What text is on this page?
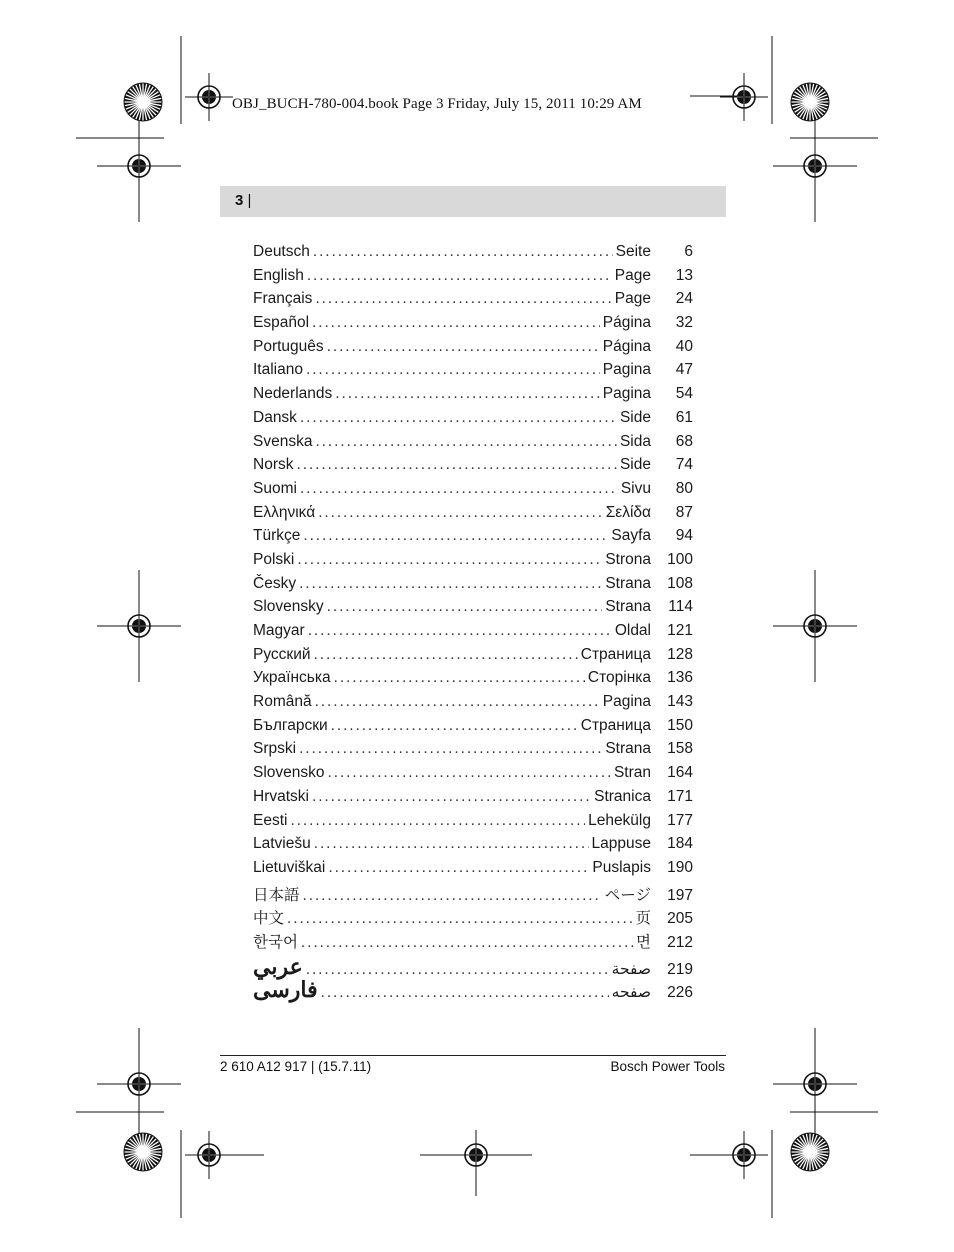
OBJ_BUCH-780-004.book Page 3 Friday, July 15, 2011 10:29 AM
3 |
Deutsch . . .	Seite	6
English . . .	Page	13
Français . . .	Page	24
Español . . .	Página	32
Português . . .	Página	40
Italiano . . .	Pagina	47
Nederlands . . .	Pagina	54
Dansk . . .	Side	61
Svenska . . .	Sida	68
Norsk . . .	Side	74
Suomi . . .	Sivu	80
Ελληνικά . . .	Σελίδα	87
Türkçe . . .	Sayfa	94
Polski . . .	Strona	100
Česky . . .	Strana	108
Slovensky . . .	Strana	114
Magyar . . .	Oldal	121
Русский . . .	Страница	128
Українська . . .	Сторінка	136
Română . . .	Pagina	143
Български . . .	Страница	150
Srpski . . .	Strana	158
Slovensko . . .	Stran	164
Hrvatski . . .	Stranica	171
Eesti . . .	Lehekülg	177
Latviešu . . .	Lappuse	184
Lietuviškai . . .	Puslapis	190
日本語 . . .	ページ	197
中文 . . .	页	205
한국어 . . .	면	212
عربي . . .	صفحة	219
فارسی . . .	صفحه	226
2 610 A12 917 | (15.7.11)	Bosch Power Tools
